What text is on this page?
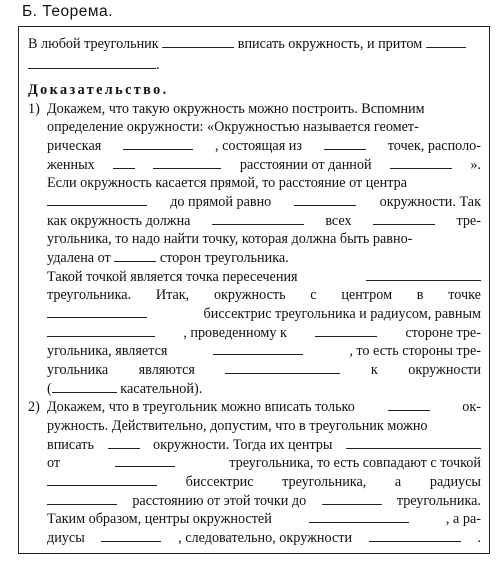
Б. Теорема.
В любой треугольник	вписать окружность, и притом
.
Доказательство.
1) Докажем, что такую окружность можно построить. Вспомним
определение окружности: «Окружностью называется геомет-
рическая	, состоящая из	точек, располо-
женных	расстоянии от данной	».
Если окружность касается прямой, то расстояние от центра
до прямой равно	окружности. Так
как окружность должна	всех	тре-
угольника, то надо найти точку, которая должна быть равно-
удалена от	сторон треугольника.
Такой точкой является точка пересечения
треугольника. Итак, окружность с центром в точке
биссектрис треугольника и радиусом, равным
, проведенному к	стороне тре-
угольника, является	, то есть стороны тре-
угольника являются	к окружности
(	касательной).
2) Докажем, что в треугольник можно вписать только	ок-
ружность. Действительно, допустим, что в треугольник можно
вписать	окружности. Тогда их центры
от	треугольника, то есть совпадают с точкой
биссектрис треугольника, а радиусы
расстоянию от этой точки до	треугольника.
Таким образом, центры окружностей	, а ра-
диусы	, следовательно, окружности	.
